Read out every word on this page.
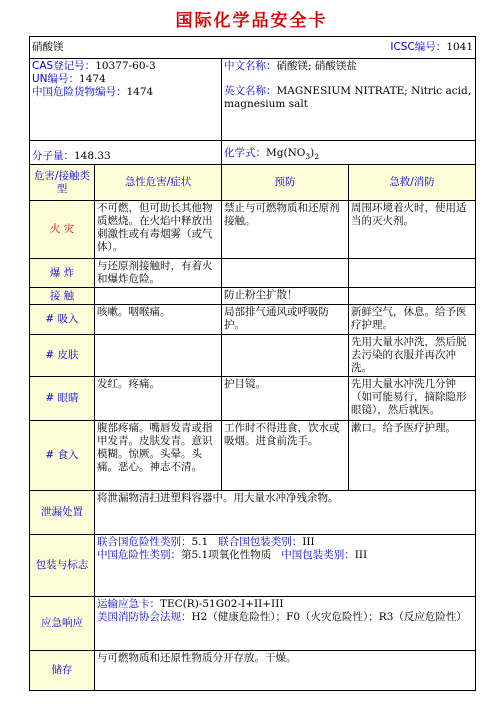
国际化学品安全卡
硝酸镁 ICSC编号：1041			

CAS登记号：10377-60-3
UN编号：1474
中国危险货物编号：1474		中文名称：硝酸镁; 硝酸镁盐
英文名称：MAGNESIUM NITRATE; Nitric acid, magnesium salt	

分子量：148.33		化学式：$Mg(NO_3)_2$
危害/接触类型	急性危害/症状	预防	急救/消防
火 灾	不可燃，但可助长其他物质燃烧。在火焰中释放出刺激性或有毒烟雾（或气体）。	禁止与可燃物质和还原剂接触。	周围环境着火时，使用适当的灭火剂。
爆 炸	与还原剂接触时，有着火和爆炸危险。		
接 触		防止粉尘扩散！	
# 吸入	咳嗽。咽喉痛。	局部排气通风或呼吸防护。	新鲜空气，休息。给予医疗护理。
# 皮肤			先用大量水冲洗，然后脱去污染的衣服并再次冲洗。
# 眼睛	发红。疼痛。	护目镜。	先用大量水冲洗几分钟（如可能易行，摘除隐形眼镜），然后就医。
# 食入	腹部疼痛。嘴唇发青或指甲发青。皮肤发青。意识模糊。惊厥。头晕。头痛。恶心。神志不清。	工作时不得进食，饮水或吸烟。进食前洗手。	漱口。给予医疗护理。
泄漏处置	将泄漏物清扫进塑料容器中。用大量水冲净残余物。		
包装与标志	联合国危险性类别：5.1 联合国包装类别：III
中国危险性类别：第5.1项氧化性物质 中国包装类别：III		

应急响应	运输应急卡：TEC(R)-51G02-I+II+III
美国消防协会法规：H2（健康危险性）；F0（火灾危险性）；R3（反应危险性）		

储存	与可燃物质和还原性物质分开存放。干燥。		
